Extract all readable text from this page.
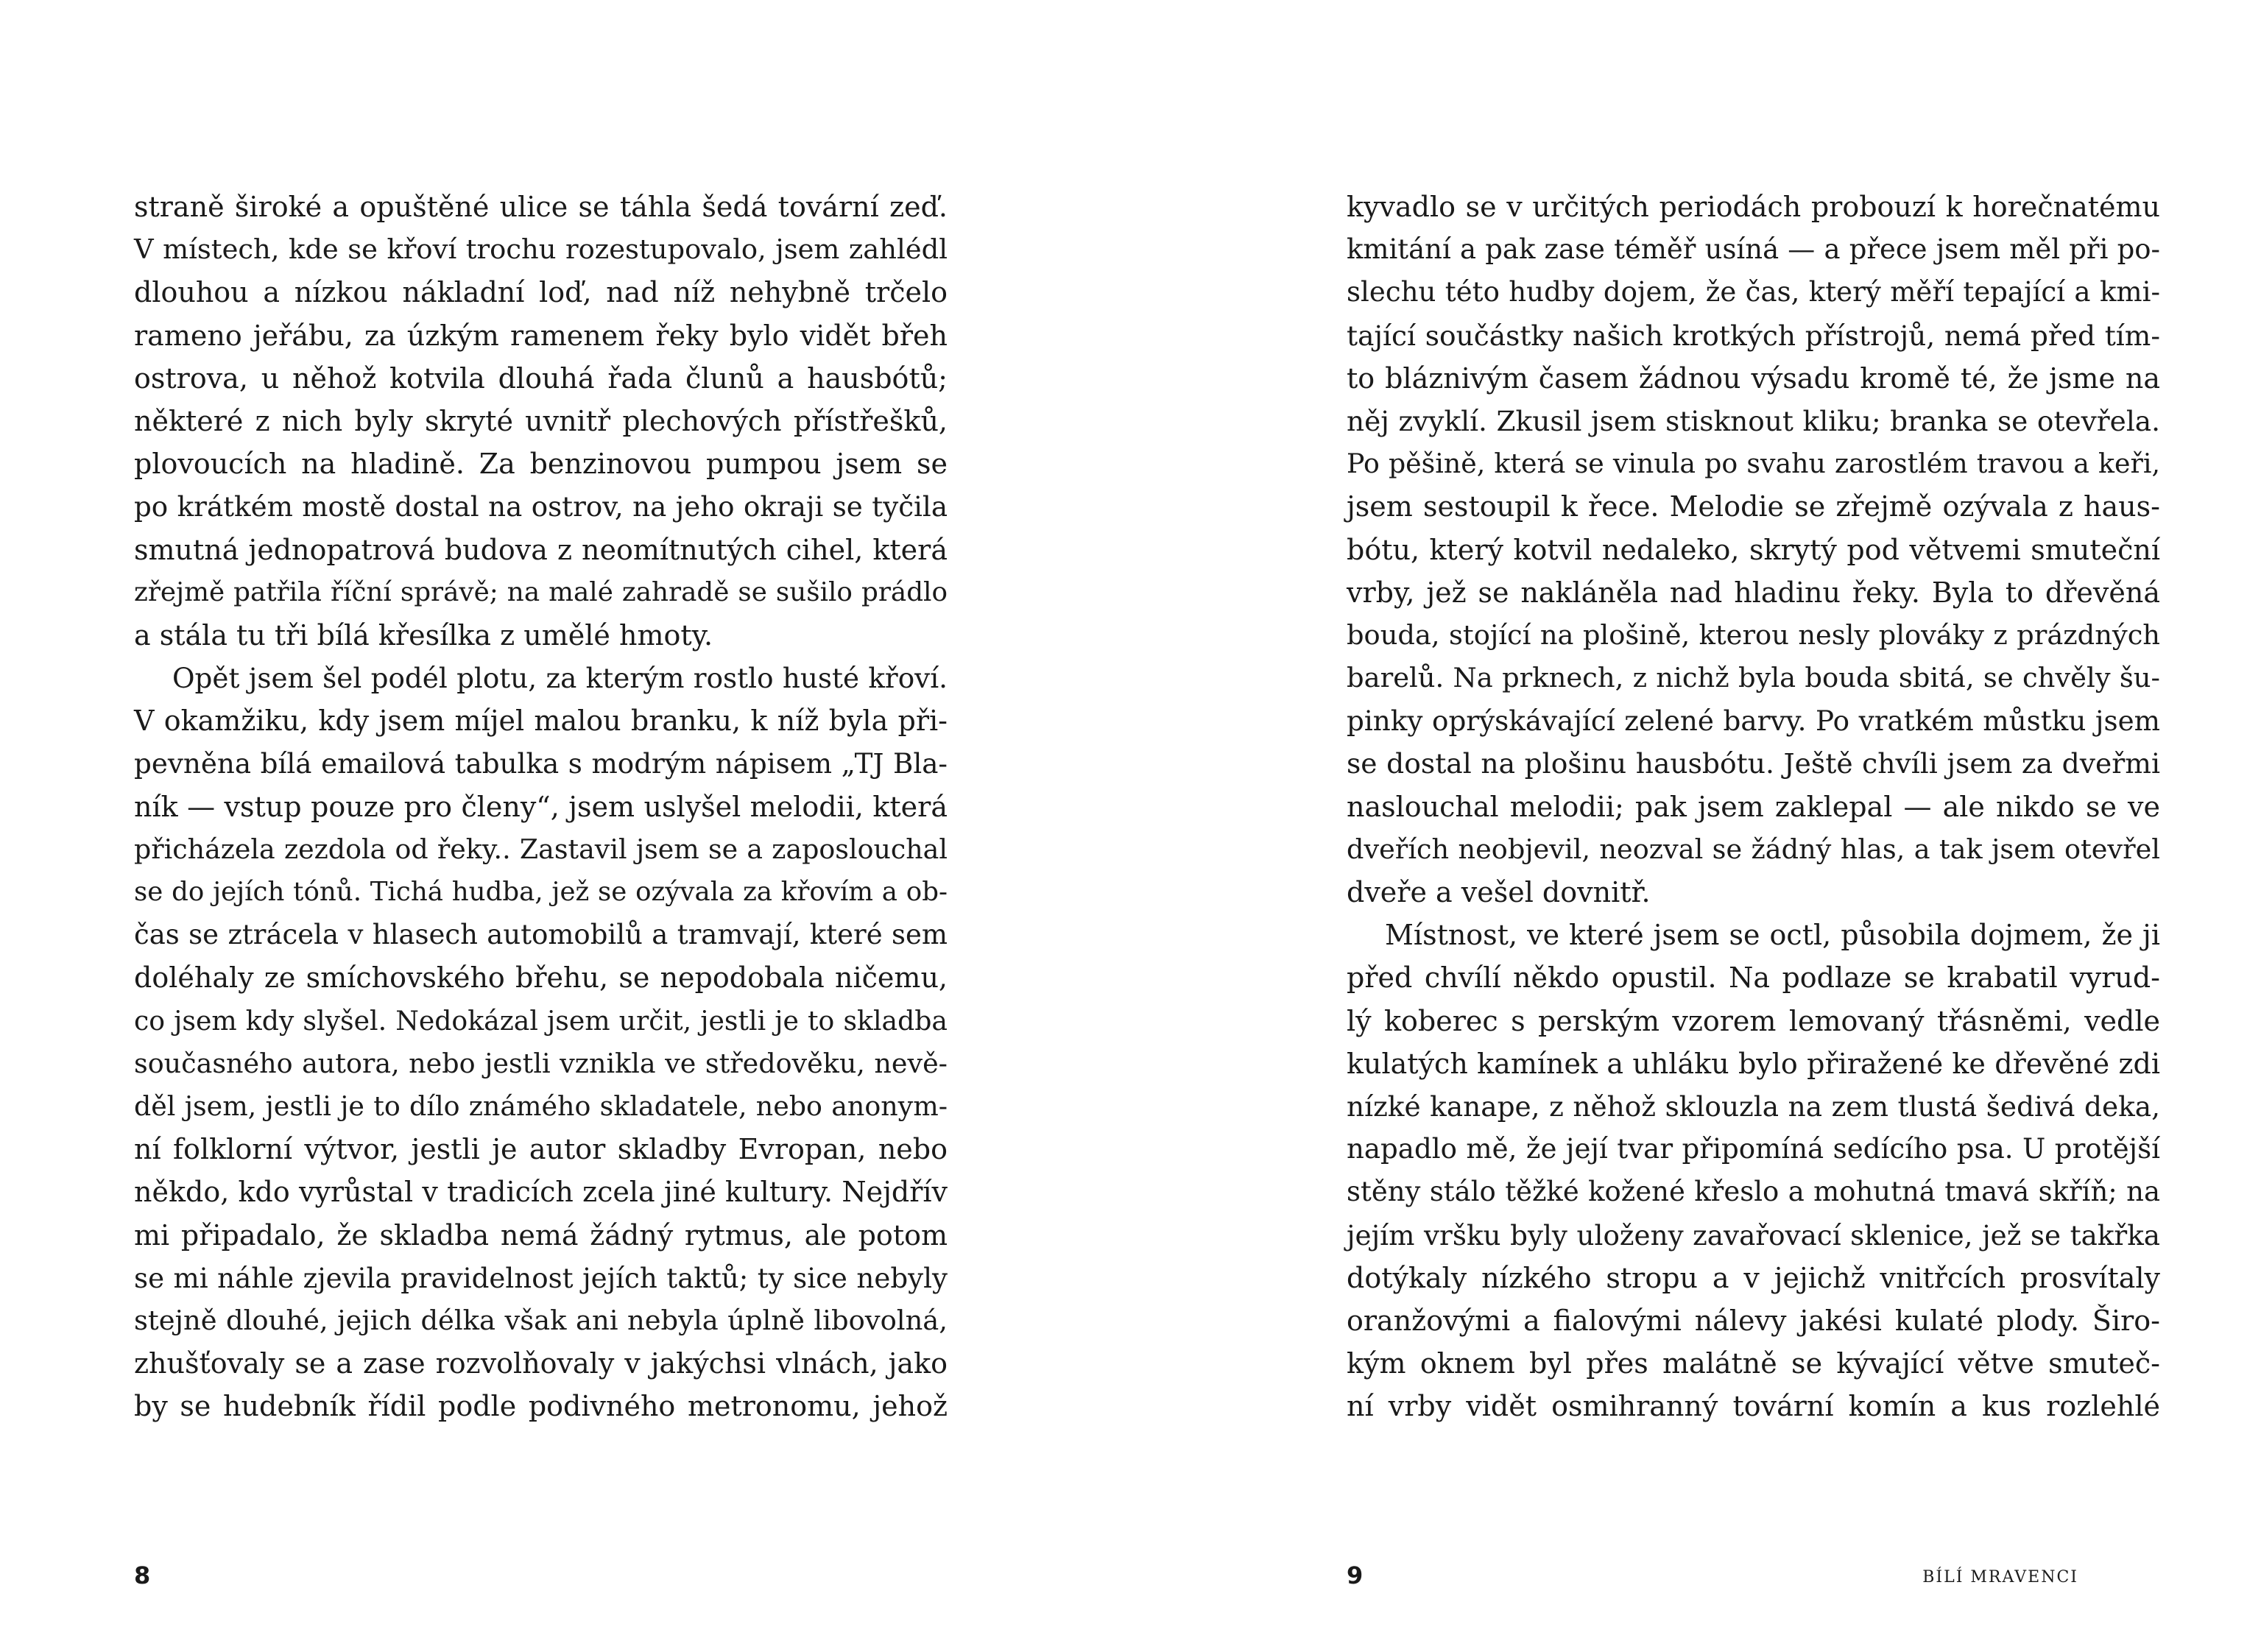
straně široké a opuštěné ulice se táhla šedá tovární zeď.
V místech, kde se křoví trochu rozestupovalo, jsem zahlédl
dlouhou a nízkou nákladní loď, nad níž nehybně trčelo
rameno jeřábu, za úzkým ramenem řeky bylo vidět břeh
ostrova, u něhož kotvila dlouhá řada člunů a hausbótů;
některé z nich byly skryté uvnitř plechových přístřešků,
plovoucích na hladině. Za benzinovou pumpou jsem se
po krátkém mostě dostal na ostrov, na jeho okraji se tyčila
smutná jednopatrová budova z neomítnutých cihel, která
zřejmě patřila říční správě; na malé zahradě se sušilo prádlo
a stála tu tři bílá křesílka z umělé hmoty.
Opět jsem šel podél plotu, za kterým rostlo husté křoví.
V okamžiku, kdy jsem míjel malou branku, k níž byla při-
pevněna bílá emailová tabulka s modrým nápisem „TJ Bla-
ník — vstup pouze pro členy“, jsem uslyšel melodii, která
přicházela zezdola od řeky.. Zastavil jsem se a zaposlouchal
se do jejích tónů. Tichá hudba, jež se ozývala za křovím a ob-
čas se ztrácela v hlasech automobilů a tramvají, které sem
doléhaly ze smíchovského břehu, se nepodobala ničemu,
co jsem kdy slyšel. Nedokázal jsem určit, jestli je to skladba
současného autora, nebo jestli vznikla ve středověku, nevě-
děl jsem, jestli je to dílo známého skladatele, nebo anonym-
ní folklorní výtvor, jestli je autor skladby Evropan, nebo
někdo, kdo vyrůstal v tradicích zcela jiné kultury. Nejdřív
mi připadalo, že skladba nemá žádný rytmus, ale potom
se mi náhle zjevila pravidelnost jejích taktů; ty sice nebyly
stejně dlouhé, jejich délka však ani nebyla úplně libovolná,
zhušťovaly se a zase rozvolňovaly v jakýchsi vlnách, jako
by se hudebník řídil podle podivného metronomu, jehož
8
kyvadlo se v určitých periodách probouzí k horečnatému
kmitání a pak zase téměř usíná — a přece jsem měl při po-
slechu této hudby dojem, že čas, který měří tepající a kmi-
tající součástky našich krotkých přístrojů, nemá před tím-
to bláznivým časem žádnou výsadu kromě té, že jsme na
něj zvyklí. Zkusil jsem stisknout kliku; branka se otevřela.
Po pěšině, která se vinula po svahu zarostlém travou a keři,
jsem sestoupil k řece. Melodie se zřejmě ozývala z haus-
bótu, který kotvil nedaleko, skrytý pod větvemi smuteční
vrby, jež se nakláněla nad hladinu řeky. Byla to dřevěná
bouda, stojící na plošině, kterou nesly plováky z prázdných
barelů. Na prknech, z nichž byla bouda sbitá, se chvěly šu-
pinky oprýskávající zelené barvy. Po vratkém můstku jsem
se dostal na plošinu hausbótu. Ještě chvíli jsem za dveřmi
naslouchal melodii; pak jsem zaklepal — ale nikdo se ve
dveřích neobjevil, neozval se žádný hlas, a tak jsem otevřel
dveře a vešel dovnitř.
Místnost, ve které jsem se octl, působila dojmem, že ji
před chvílí někdo opustil. Na podlaze se krabatil vyrud-
lý koberec s perským vzorem lemovaný třásněmi, vedle
kulatých kamínek a uhláku bylo přiražené ke dřevěné zdi
nízké kanape, z něhož sklouzla na zem tlustá šedivá deka,
napadlo mě, že její tvar připomíná sedícího psa. U protější
stěny stálo těžké kožené křeslo a mohutná tmavá skříň; na
jejím vršku byly uloženy zavařovací sklenice, jež se takřka
dotýkaly nízkého stropu a v jejichž vnitřcích prosvítaly
oranžovými a fialovými nálevy jakési kulaté plody. Širo-
kým oknem byl přes malátně se kývající větve smuteč-
ní vrby vidět osmihranný tovární komín a kus rozlehlé
9	BÍLÍ MRAVENCI
